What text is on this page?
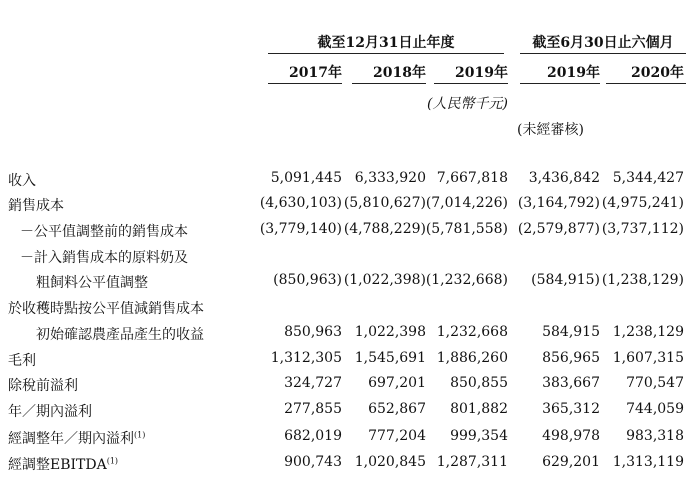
截至12月31日止年度	截至6月30日止六個月
2017年 2018年 2019年	2019年 2020年
(人民幣千元)
(未經審核)
收入	5,091,445 6,333,920 7,667,818 3,436,842 5,344,427
銷售成本	(4,630,103) (5,810,627) (7,014,226) (3,164,792) (4,975,241)
－公平值調整前的銷售成本	(3,779,140) (4,788,229) (5,781,558) (2,579,877) (3,737,112)
－計入銷售成本的原料奶及
粗飼料公平值調整	(850,963) (1,022,398) (1,232,668) (584,915) (1,238,129)
於收穫時點按公平值減銷售成本
初始確認農產品產生的收益	850,963 1,022,398 1,232,668 584,915 1,238,129
毛利	1,312,305 1,545,691 1,886,260 856,965 1,607,315
除稅前溢利	324,727 697,201 850,855 383,667 770,547
年／期內溢利	277,855 652,867 801,882 365,312 744,059
經調整年／期內溢利$^{(1)}$	682,019 777,204 999,354 498,978 983,318
經調整EBITDA$^{(1)}$	900,743 1,020,845 1,287,311 629,201 1,313,119
